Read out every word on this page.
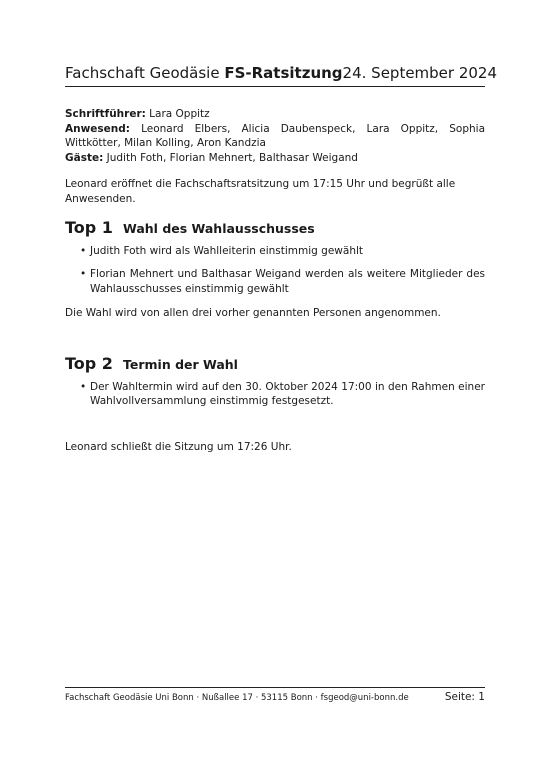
Fachschaft Geodäsie FS-Ratsitzung 24. September 2024

Schriftführer: Lara Oppitz

Anwesend: Leonard Elbers, Alicia Daubenspeck, Lara Oppitz, Sophia Wittkötter, Milan Kolling, Aron Kandzia

Gäste: Judith Foth, Florian Mehnert, Balthasar Weigand

Leonard eröffnet die Fachschaftsratsitzung um 17:15 Uhr und begrüßt alle Anwesenden.

Top 1 Wahl des Wahlausschusses
• Judith Foth wird als Wahlleiterin einstimmig gewählt
• Florian Mehnert und Balthasar Weigand werden als weitere Mitglieder des Wahlausschusses einstimmig gewählt

Die Wahl wird von allen drei vorher genannten Personen angenommen.

Top 2 Termin der Wahl
• Der Wahltermin wird auf den 30. Oktober 2024 17:00 in den Rahmen einer Wahlvollversammlung einstimmig festgesetzt.

Leonard schließt die Sitzung um 17:26 Uhr.

Fachschaft Geodäsie Uni Bonn · Nußallee 17 · 53115 Bonn · fsgeod@uni-bonn.de	Seite: 1
